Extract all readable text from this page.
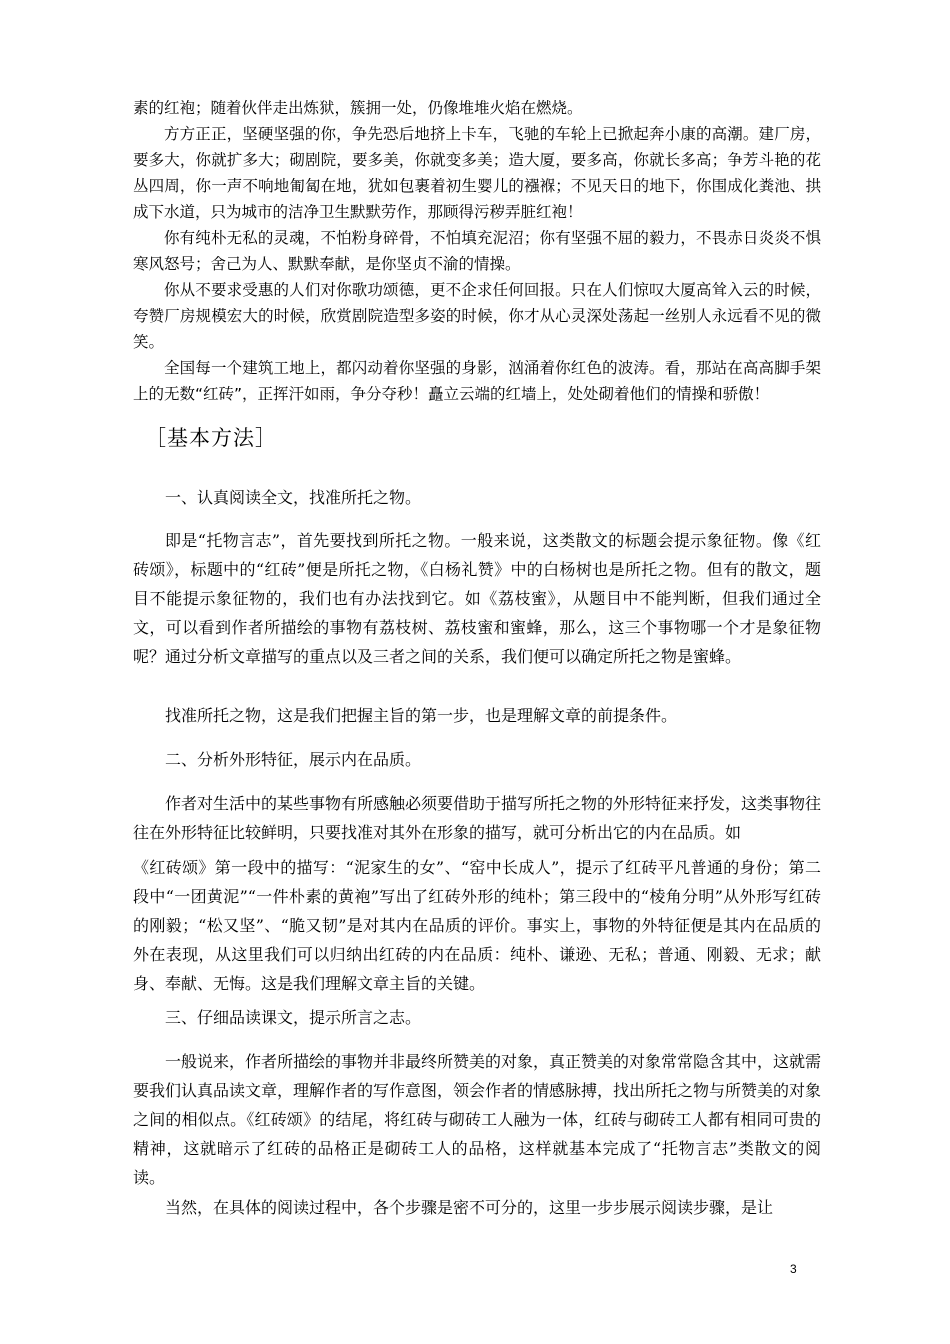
素的红袍；随着伙伴走出炼狱，簇拥一处，仍像堆堆火焰在燃烧。

方方正正，坚硬坚强的你，争先恐后地挤上卡车，飞驰的车轮上已掀起奔小康的高潮。建厂房，要多大，你就扩多大；砌剧院，要多美，你就变多美；造大厦，要多高，你就长多高；争芳斗艳的花丛四周，你一声不响地匍匐在地，犹如包裹着初生婴儿的襁褓；不见天日的地下，你围成化粪池、拱成下水道，只为城市的洁净卫生默默劳作，那顾得污秽弄脏红袍！

你有纯朴无私的灵魂，不怕粉身碎骨，不怕填充泥沼；你有坚强不屈的毅力，不畏赤日炎炎不惧寒风怒号；舍己为人、默默奉献，是你坚贞不渝的情操。

你从不要求受惠的人们对你歌功颂德，更不企求任何回报。只在人们惊叹大厦高耸入云的时候，夸赞厂房规模宏大的时候，欣赏剧院造型多姿的时候，你才从心灵深处荡起一丝别人永远看不见的微笑。

全国每一个建筑工地上，都闪动着你坚强的身影，汹涌着你红色的波涛。看，那站在高高脚手架上的无数“红砖”，正挥汗如雨，争分夺秒！矗立云端的红墙上，处处砌着他们的情操和骄傲！

［基本方法］

一、认真阅读全文，找准所托之物。

即是“托物言志”，首先要找到所托之物。一般来说，这类散文的标题会提示象征物。像《红砖颂》，标题中的“红砖”便是所托之物，《白杨礼赞》中的白杨树也是所托之物。但有的散文，题目不能提示象征物的，我们也有办法找到它。如《荔枝蜜》，从题目中不能判断，但我们通过全文，可以看到作者所描绘的事物有荔枝树、荔枝蜜和蜜蜂，那么，这三个事物哪一个才是象征物呢？通过分析文章描写的重点以及三者之间的关系，我们便可以确定所托之物是蜜蜂。

找准所托之物，这是我们把握主旨的第一步，也是理解文章的前提条件。

二、分析外形特征，展示内在品质。

作者对生活中的某些事物有所感触必须要借助于描写所托之物的外形特征来抒发，这类事物往往在外形特征比较鲜明，只要找准对其外在形象的描写，就可分析出它的内在品质。如

《红砖颂》第一段中的描写：“泥家生的女”、“窑中长成人”，提示了红砖平凡普通的身份；第二段中“一团黄泥”“一件朴素的黄袍”写出了红砖外形的纯朴；第三段中的“棱角分明”从外形写红砖的刚毅；“松又坚”、“脆又韧”是对其内在品质的评价。事实上，事物的外特征便是其内在品质的外在表现，从这里我们可以归纳出红砖的内在品质：纯朴、谦逊、无私；普通、刚毅、无求；献身、奉献、无悔。这是我们理解文章主旨的关键。

三、仔细品读课文，提示所言之志。

一般说来，作者所描绘的事物并非最终所赞美的对象，真正赞美的对象常常隐含其中，这就需要我们认真品读文章，理解作者的写作意图，领会作者的情感脉搏，找出所托之物与所赞美的对象之间的相似点。《红砖颂》的结尾，将红砖与砌砖工人融为一体，红砖与砌砖工人都有相同可贵的精神，这就暗示了红砖的品格正是砌砖工人的品格，这样就基本完成了“托物言志”类散文的阅读。

当然，在具体的阅读过程中，各个步骤是密不可分的，这里一步步展示阅读步骤，是让

3
